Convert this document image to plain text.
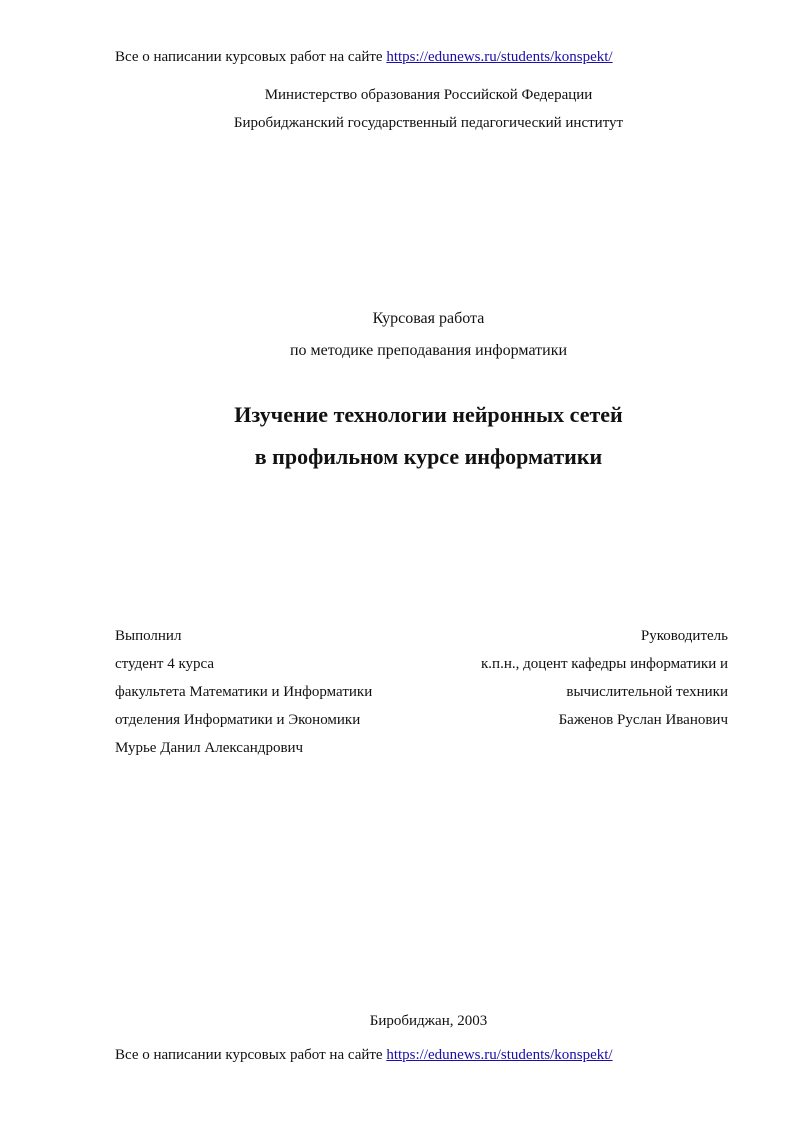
Все о написании курсовых работ на сайте https://edunews.ru/students/konspekt/
Министерство образования Российской Федерации
Биробиджанский государственный педагогический институт
Курсовая работа
по методике преподавания информатики
Изучение технологии нейронных сетей
в профильном курсе информатики
Выполнил
студент 4 курса
факультета Математики и Информатики
отделения Информатики и Экономики
Мурье Данил Александрович
Руководитель
к.п.н., доцент кафедры информатики и
вычислительной техники
Баженов Руслан Иванович
Биробиджан, 2003
Все о написании курсовых работ на сайте https://edunews.ru/students/konspekt/
